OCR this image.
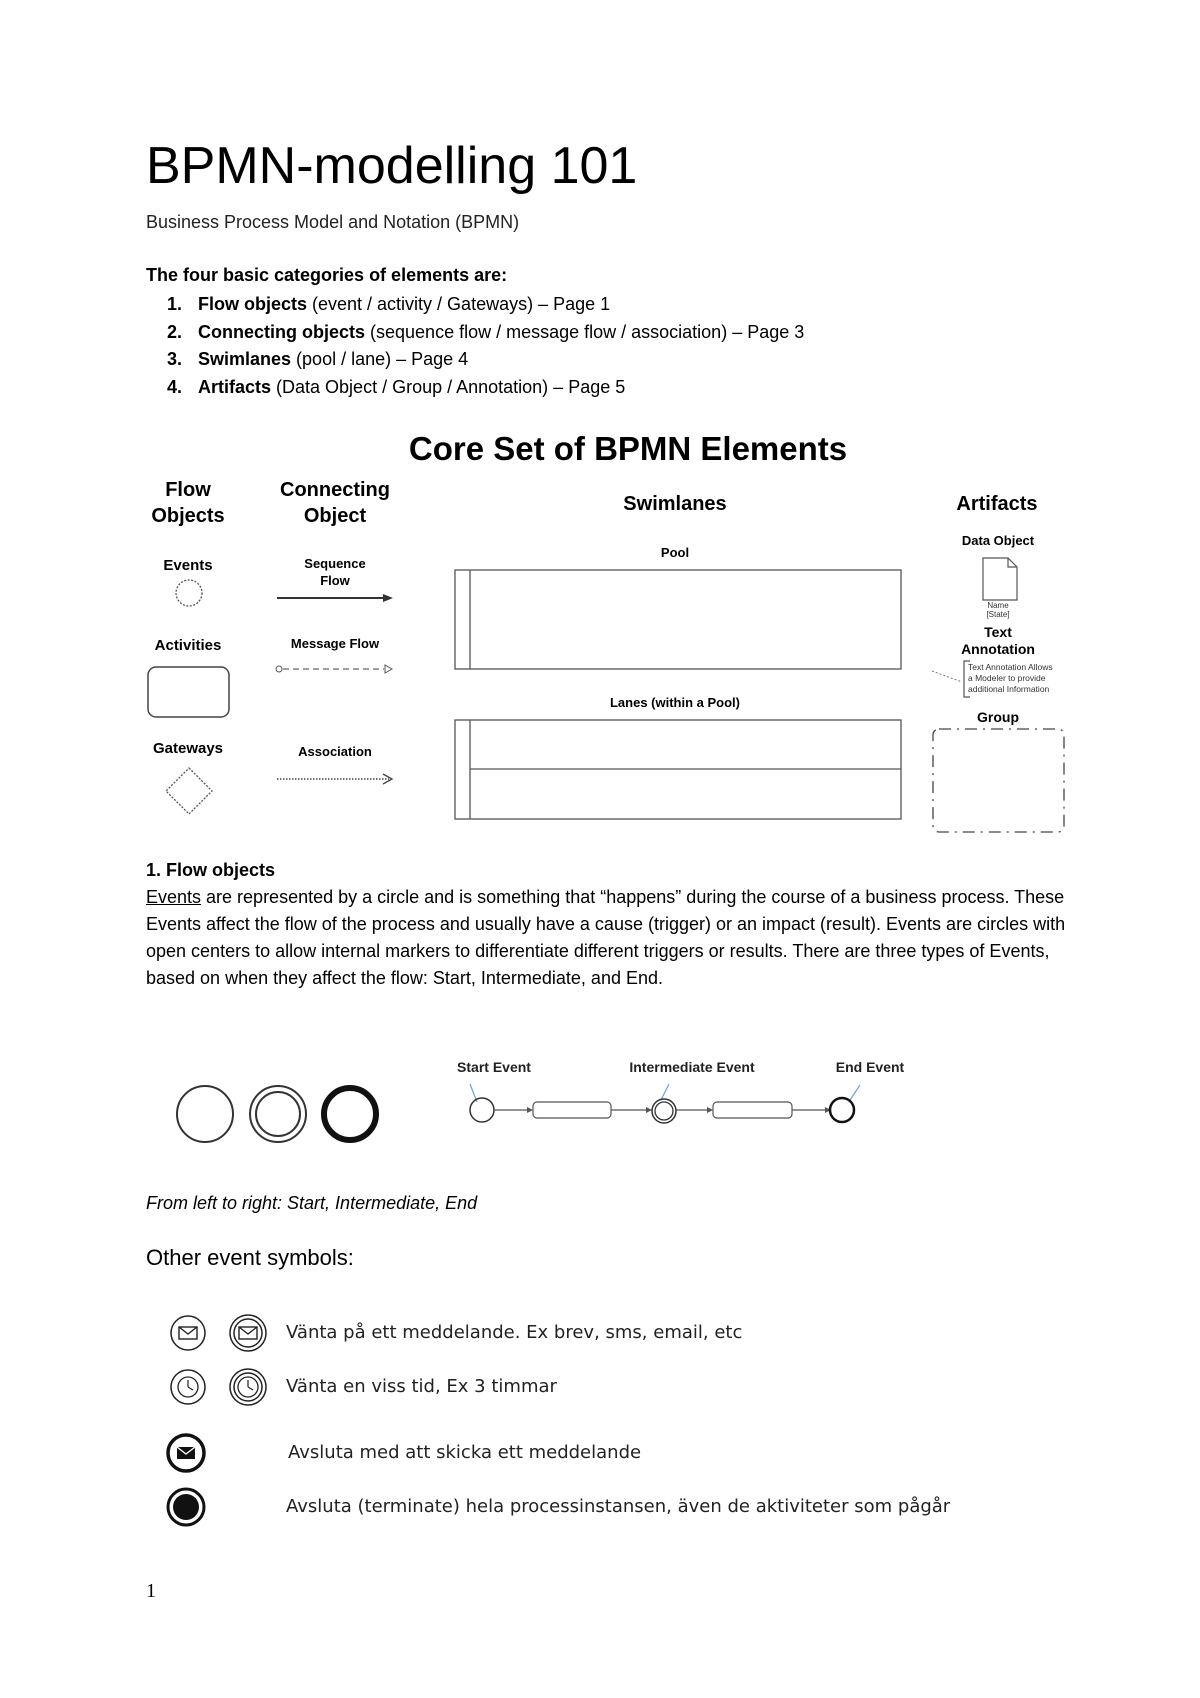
BPMN-modelling 101
Business Process Model and Notation (BPMN)
The four basic categories of elements are:
1. Flow objects (event / activity / Gateways) – Page 1
2. Connecting objects (sequence flow / message flow / association) – Page 3
3. Swimlanes (pool / lane) – Page 4
4. Artifacts (Data Object / Group / Annotation) – Page 5
Core Set of BPMN Elements
Flow
Objects
Connecting
Object
Swimlanes	Artifacts
Events
Activities
Gateways
Sequence
Flow
Message Flow
Association
Pool
Lanes (within a Pool)
Data Object
Name
[State]
Text
Annotation
Text Annotation Allows
a Modeler to provide
additional Information
Group
1. Flow objects
Events are represented by a circle and is something that “happens” during the course of a business process. These Events affect the flow of the process and usually have a cause (trigger) or an impact (result). Events are circles with open centers to allow internal markers to differentiate different triggers or results. There are three types of Events, based on when they affect the flow: Start, Intermediate, and End.
Start Event	Intermediate Event	End Event
From left to right: Start, Intermediate, End
Other event symbols:
Vänta på ett meddelande. Ex brev, sms, email, etc
Vänta en viss tid, Ex 3 timmar
Avsluta med att skicka ett meddelande
Avsluta (terminate) hela processinstansen, även de aktiviteter som pågår
1
